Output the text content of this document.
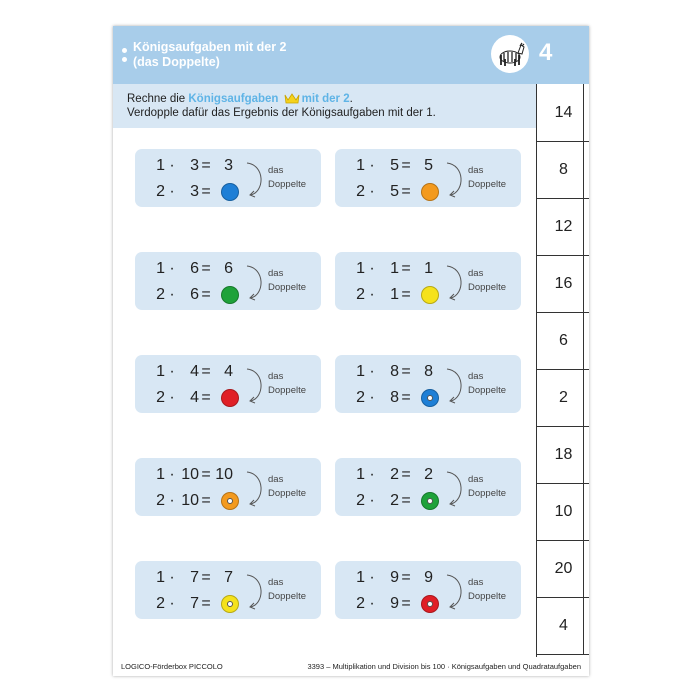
Königsaufgaben mit der 2
(das Doppelte)	4
Rechne die Königsaufgaben mit der 2.
Verdopple dafür das Ergebnis der Königsaufgaben mit der 1.	14
8
12
16
6
2
18
10
20
4
1 · 3 = 3
2 · 3 =
das
Doppelte
1 · 5 = 5
2 · 5 =
das
Doppelte
1 · 6 = 6
2 · 6 =
das
Doppelte
1 · 1 = 1
2 · 1 =
das
Doppelte
1 · 4 = 4
2 · 4 =
das
Doppelte
1 · 8 = 8
2 · 8 =
das
Doppelte
1 · 10 = 10
2 · 10 =
das
Doppelte
1 · 2 = 2
2 · 2 =
das
Doppelte
1 · 7 = 7
2 · 7 =
das
Doppelte
1 · 9 = 9
2 · 9 =
das
Doppelte
LOGICO-Förderbox PICCOLO	3393 – Multiplikation und Division bis 100 · Königsaufgaben und Quadrataufgaben
